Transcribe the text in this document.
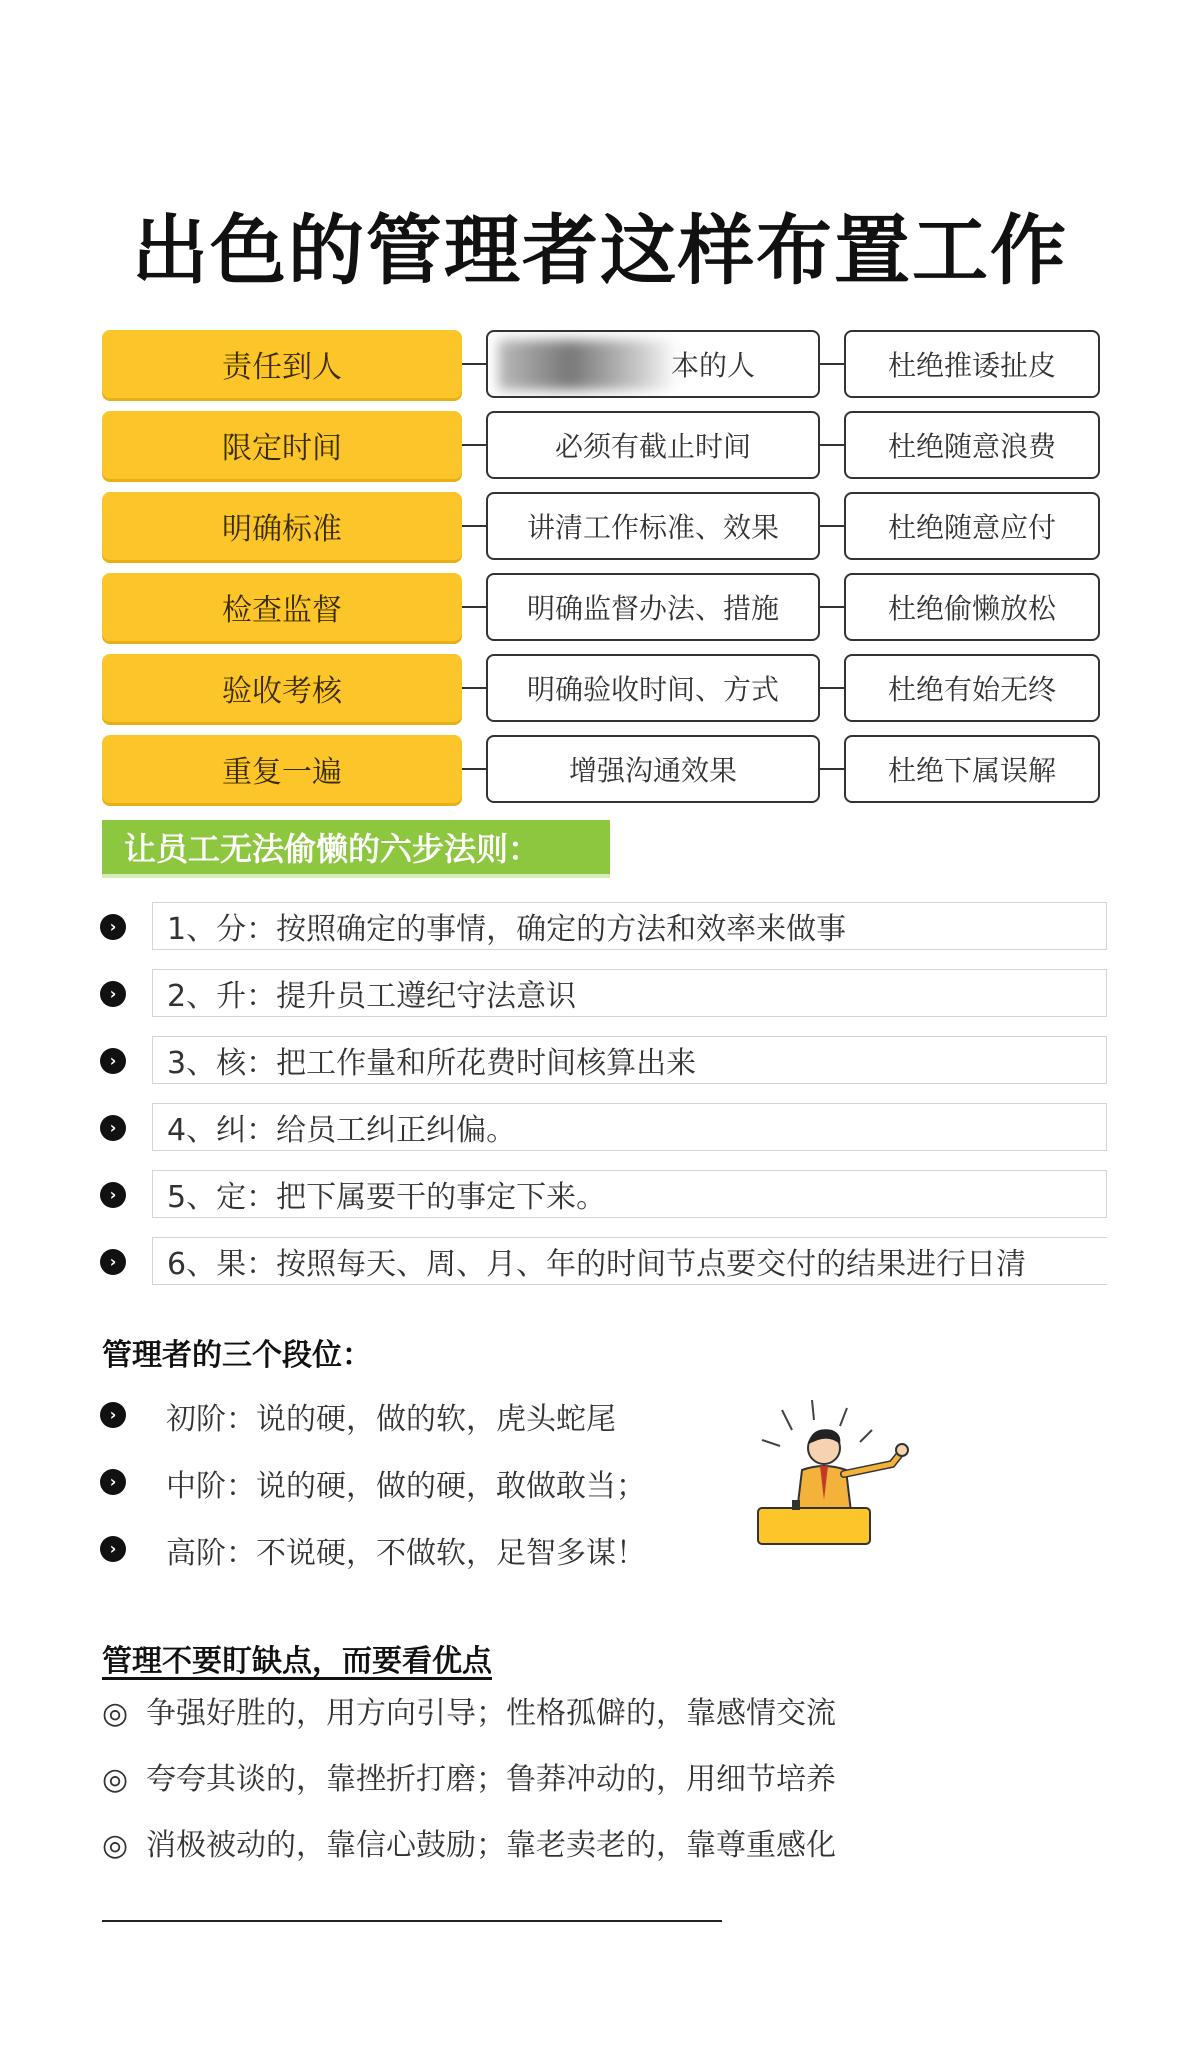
出色的管理者这样布置工作
责任到人	本的人	杜绝推诿扯皮
限定时间	必须有截止时间	杜绝随意浪费
明确标准	讲清工作标准、效果	杜绝随意应付
检查监督	明确监督办法、措施	杜绝偷懒放松
验收考核	明确验收时间、方式	杜绝有始无终
重复一遍	增强沟通效果	杜绝下属误解
让员工无法偷懒的六步法则：
›	1、分：按照确定的事情，确定的方法和效率来做事
›	2、升：提升员工遵纪守法意识
›	3、核：把工作量和所花费时间核算出来
›	4、纠：给员工纠正纠偏。
›	5、定：把下属要干的事定下来。
›	6、果：按照每天、周、月、年的时间节点要交付的结果进行日清
管理者的三个段位：
›	初阶：说的硬，做的软，虎头蛇尾
›	中阶：说的硬，做的硬，敢做敢当；
›	高阶：不说硬，不做软，足智多谋！
管理不要盯缺点，而要看优点
◎ 争强好胜的，用方向引导；性格孤僻的，靠感情交流
◎ 夸夸其谈的，靠挫折打磨；鲁莽冲动的，用细节培养
◎ 消极被动的，靠信心鼓励；靠老卖老的，靠尊重感化
